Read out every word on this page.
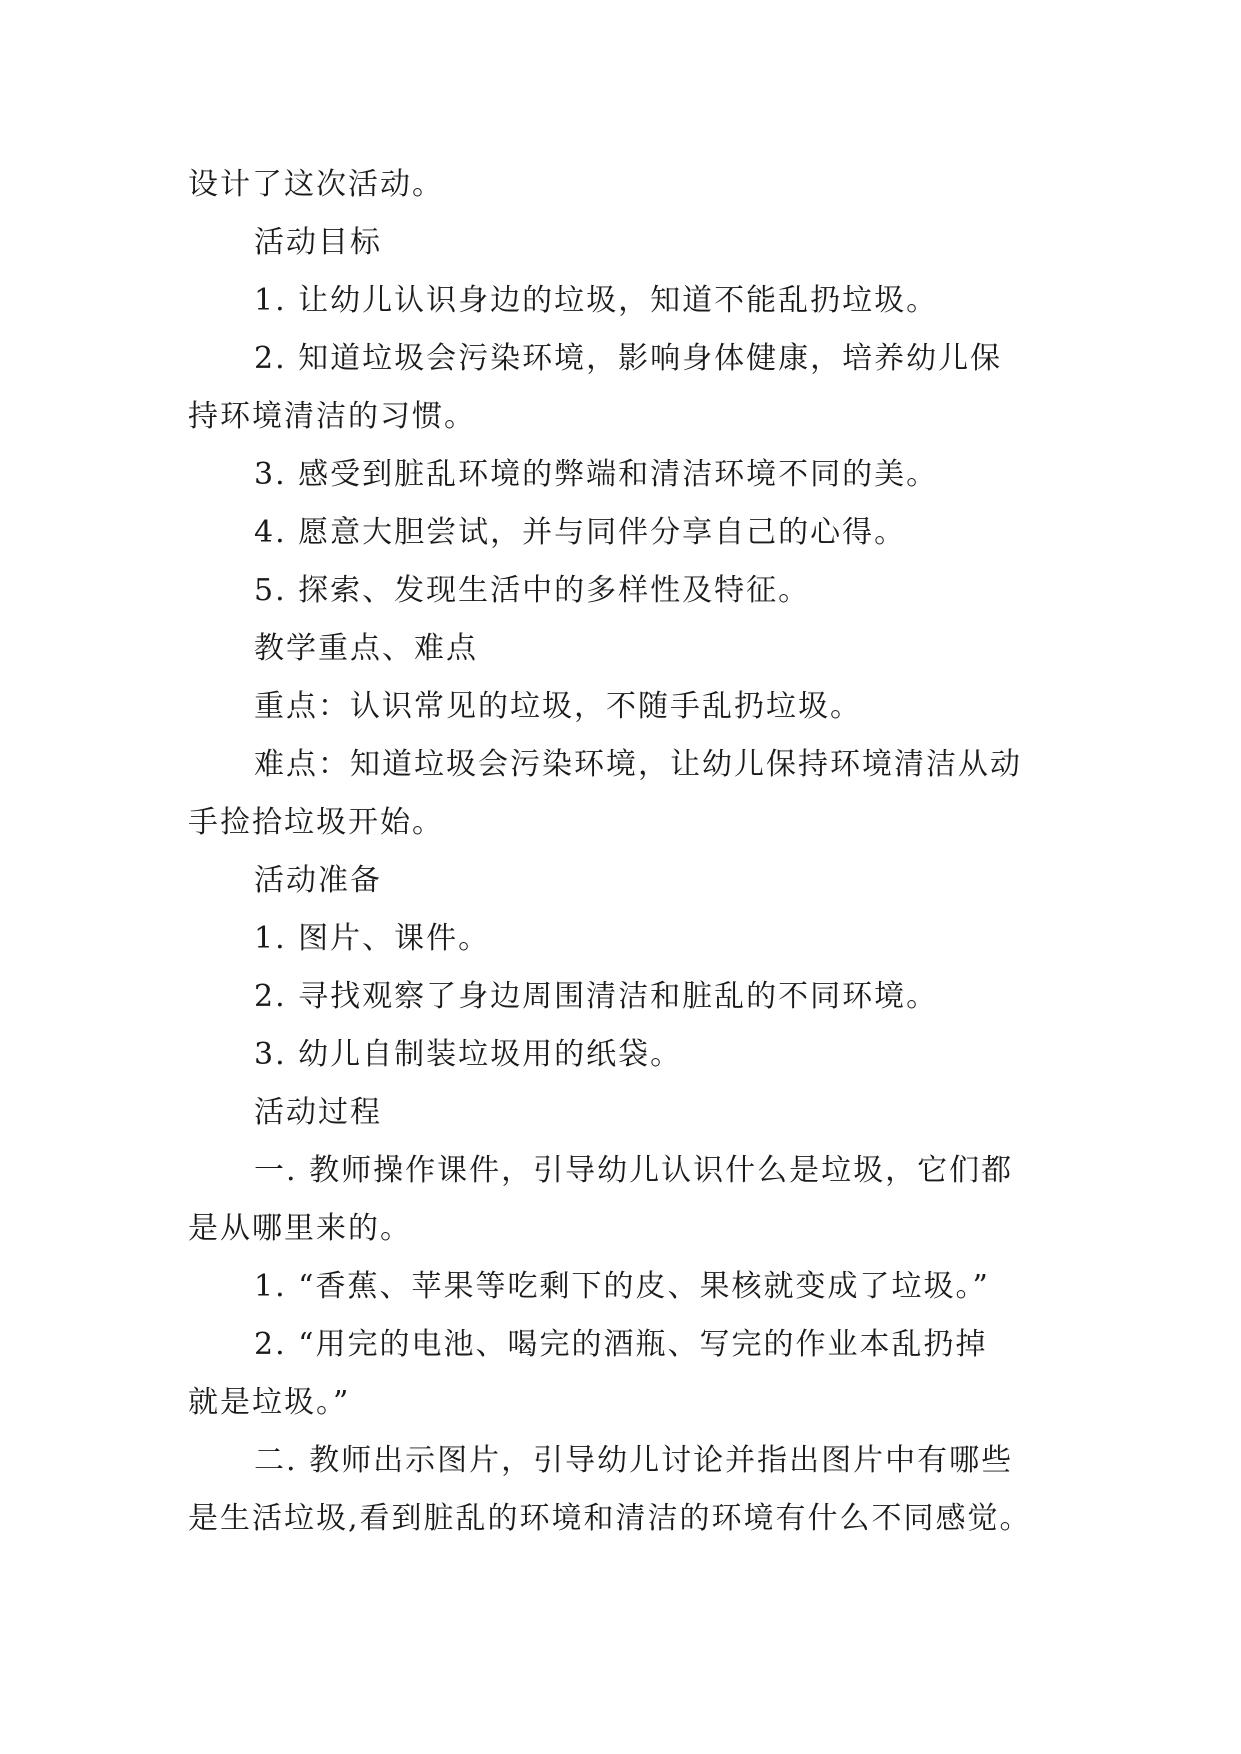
设计了这次活动。

活动目标

1. 让幼儿认识身边的垃圾，知道不能乱扔垃圾。

2. 知道垃圾会污染环境，影响身体健康，培养幼儿保

持环境清洁的习惯。

3. 感受到脏乱环境的弊端和清洁环境不同的美。

4. 愿意大胆尝试，并与同伴分享自己的心得。

5. 探索、发现生活中的多样性及特征。

教学重点、难点

重点：认识常见的垃圾，不随手乱扔垃圾。

难点：知道垃圾会污染环境，让幼儿保持环境清洁从动

手捡拾垃圾开始。

活动准备

1. 图片、课件。

2. 寻找观察了身边周围清洁和脏乱的不同环境。

3. 幼儿自制装垃圾用的纸袋。

活动过程

一. 教师操作课件，引导幼儿认识什么是垃圾，它们都

是从哪里来的。

1. “香蕉、苹果等吃剩下的皮、果核就变成了垃圾。”

2. “用完的电池、喝完的酒瓶、写完的作业本乱扔掉

就是垃圾。”

二. 教师出示图片，引导幼儿讨论并指出图片中有哪些

是生活垃圾,看到脏乱的环境和清洁的环境有什么不同感觉。
